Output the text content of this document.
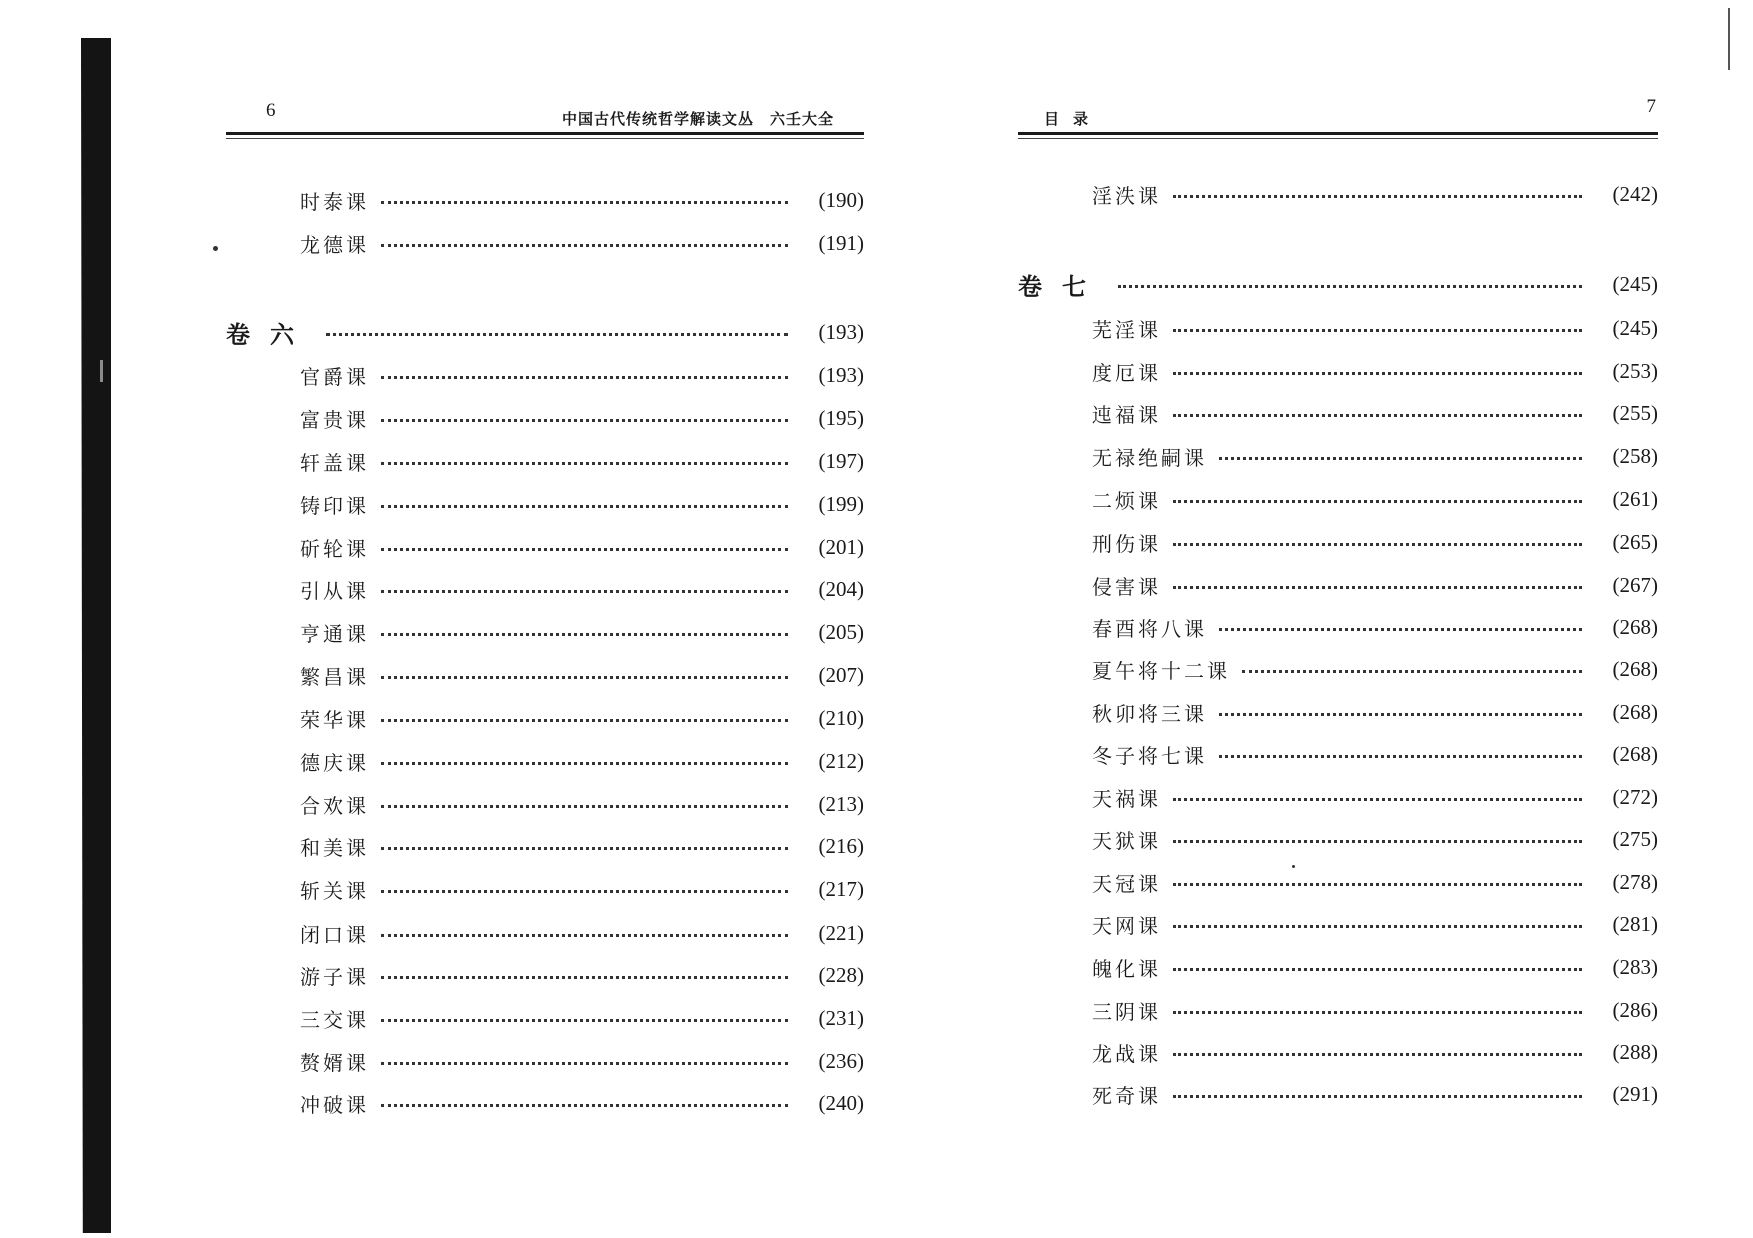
6	中国古代传统哲学解读文丛　六壬大全
时泰课	(190)
龙德课	(191)
卷六	(193)
官爵课	(193)
富贵课	(195)
轩盖课	(197)
铸印课	(199)
斫轮课	(201)
引从课	(204)
亨通课	(205)
繁昌课	(207)
荣华课	(210)
德庆课	(212)
合欢课	(213)
和美课	(216)
斩关课	(217)
闭口课	(221)
游子课	(228)
三交课	(231)
赘婿课	(236)
冲破课	(240)
7
目录
淫泆课	(242)
卷七	(245)
芜淫课	(245)
度厄课	(253)
迍福课	(255)
无禄绝嗣课	(258)
二烦课	(261)
刑伤课	(265)
侵害课	(267)
春酉将八课	(268)
夏午将十二课	(268)
秋卯将三课	(268)
冬子将七课	(268)
天祸课	(272)
天狱课	(275)
天冠课	(278)
天网课	(281)
魄化课	(283)
三阴课	(286)
龙战课	(288)
死奇课	(291)
